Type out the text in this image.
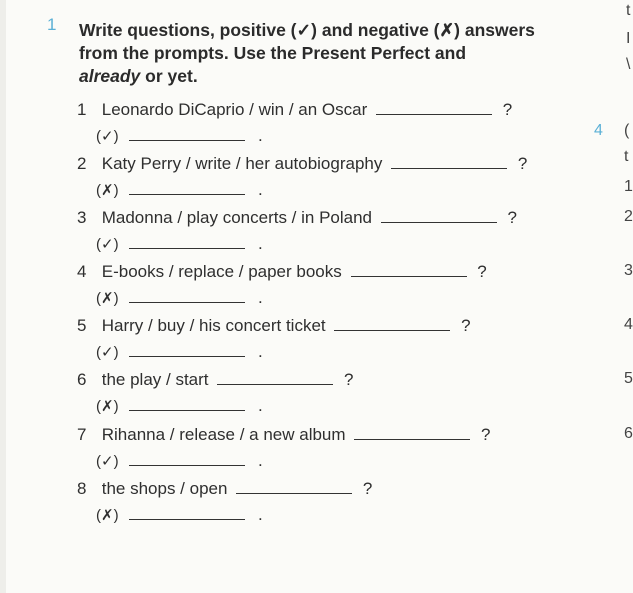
1 Write questions, positive (✓) and negative (✗) answers
from the prompts. Use the Present Perfect and
already or yet.
1 Leonardo DiCaprio / win / an Oscar	?
(✓)	.
2 Katy Perry / write / her autobiography	?
(✗)	.
3 Madonna / play concerts / in Poland	?
(✓)	.
4 E-books / replace / paper books	?
(✗)	.
5 Harry / buy / his concert ticket	?
(✓)	.
6 the play / start	?
(✗)	.
7 Rihanna / release / a new album	?
(✓)	.
8 the shops / open	?
(✗)	.
t
I
\
4 (
t
1
2
3
4
5
6
